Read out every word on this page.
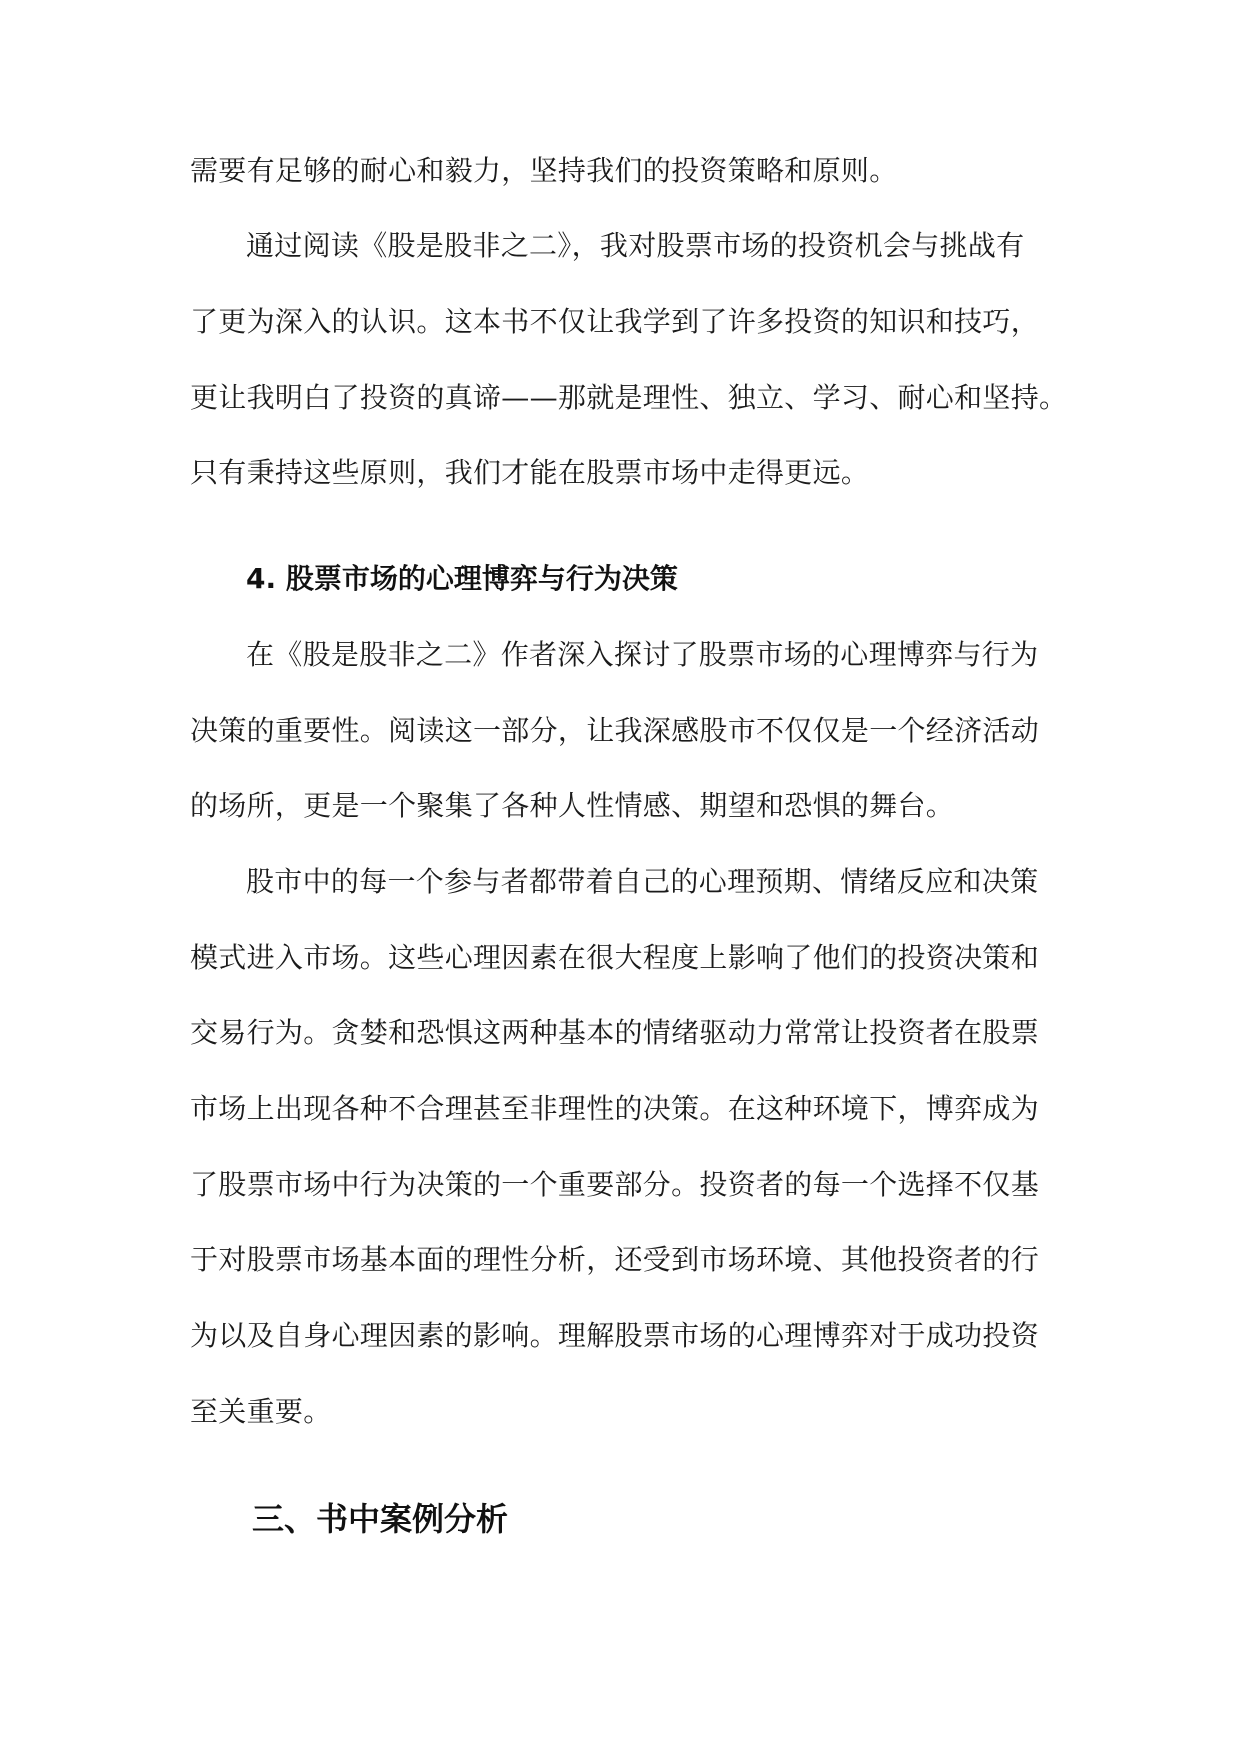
需要有足够的耐心和毅力，坚持我们的投资策略和原则。
通过阅读《股是股非之二》，我对股票市场的投资机会与挑战有
了更为深入的认识。这本书不仅让我学到了许多投资的知识和技巧，
更让我明白了投资的真谛——那就是理性、独立、学习、耐心和坚持。
只有秉持这些原则，我们才能在股票市场中走得更远。
4. 股票市场的心理博弈与行为决策
在《股是股非之二》作者深入探讨了股票市场的心理博弈与行为
决策的重要性。阅读这一部分，让我深感股市不仅仅是一个经济活动
的场所，更是一个聚集了各种人性情感、期望和恐惧的舞台。
股市中的每一个参与者都带着自己的心理预期、情绪反应和决策
模式进入市场。这些心理因素在很大程度上影响了他们的投资决策和
交易行为。贪婪和恐惧这两种基本的情绪驱动力常常让投资者在股票
市场上出现各种不合理甚至非理性的决策。在这种环境下，博弈成为
了股票市场中行为决策的一个重要部分。投资者的每一个选择不仅基
于对股票市场基本面的理性分析，还受到市场环境、其他投资者的行
为以及自身心理因素的影响。理解股票市场的心理博弈对于成功投资
至关重要。
三、书中案例分析
